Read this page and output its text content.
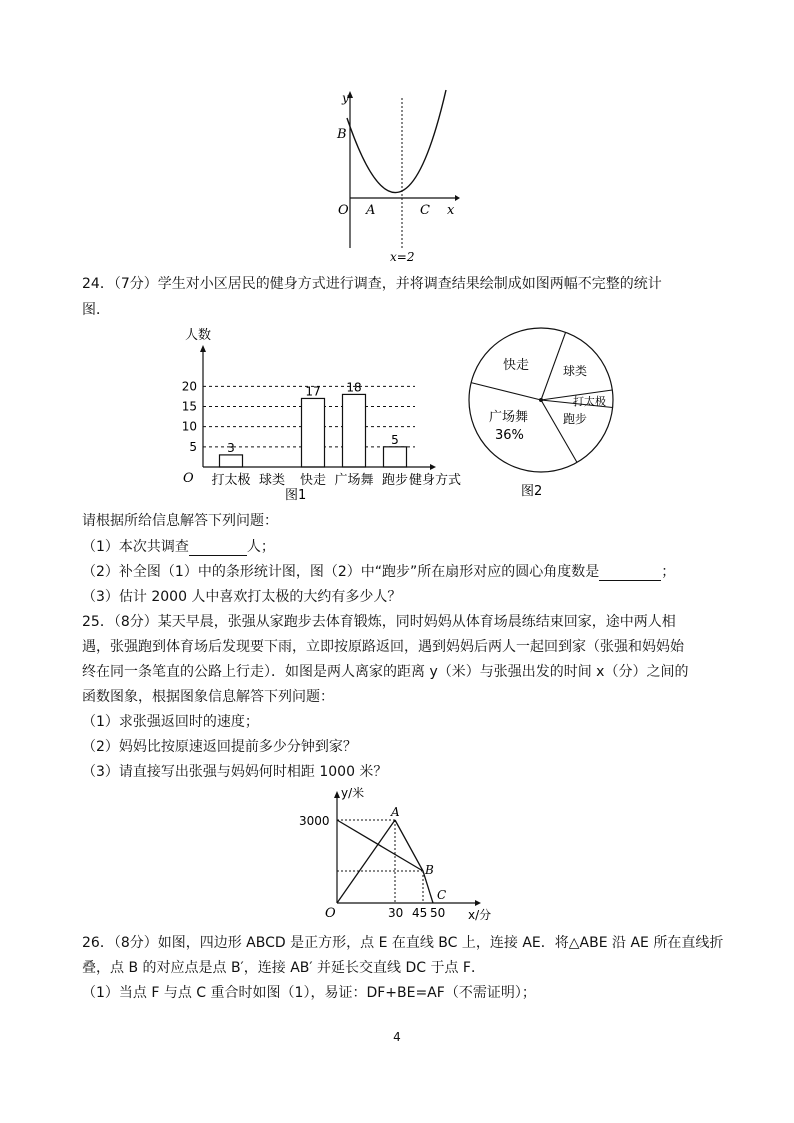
y
x
B
O A	C
x=2
24．（7分）学生对小区居民的健身方式进行调查，并将调查结果绘制成如图两幅不完整的统计
图．
5
10
15
20
打太极
3
球类 快走
17
广场舞
18
跑步
5
人数
O	健身方式
图1
快走	球类
打太极
跑步
广场舞
36%
图2
请根据所给信息解答下列问题：
（1）本次共调查	人；
（2）补全图（1）中的条形统计图，图（2）中“跑步”所在扇形对应的圆心角度数是	；
（3）估计 2000 人中喜欢打太极的大约有多少人？
25．（8分）某天早晨，张强从家跑步去体育锻炼，同时妈妈从体育场晨练结束回家，途中两人相
遇，张强跑到体育场后发现要下雨，立即按原路返回，遇到妈妈后两人一起回到家（张强和妈妈始
终在同一条笔直的公路上行走）．如图是两人离家的距离 y（米）与张强出发的时间 x（分）之间的
函数图象，根据图象信息解答下列问题：
（1）求张强返回时的速度；
（2）妈妈比按原速返回提前多少分钟到家？
（3）请直接写出张强与妈妈何时相距 1000 米？
y/米
3000
O	30 45 50 x/分
A
B
C
26．（8分）如图，四边形 ABCD 是正方形，点 E 在直线 BC 上，连接 AE．将△ABE 沿 AE 所在直线折
叠，点 B 的对应点是点 B′，连接 AB′ 并延长交直线 DC 于点 F．
（1）当点 F 与点 C 重合时如图（1），易证：DF+BE=AF（不需证明）；
4
